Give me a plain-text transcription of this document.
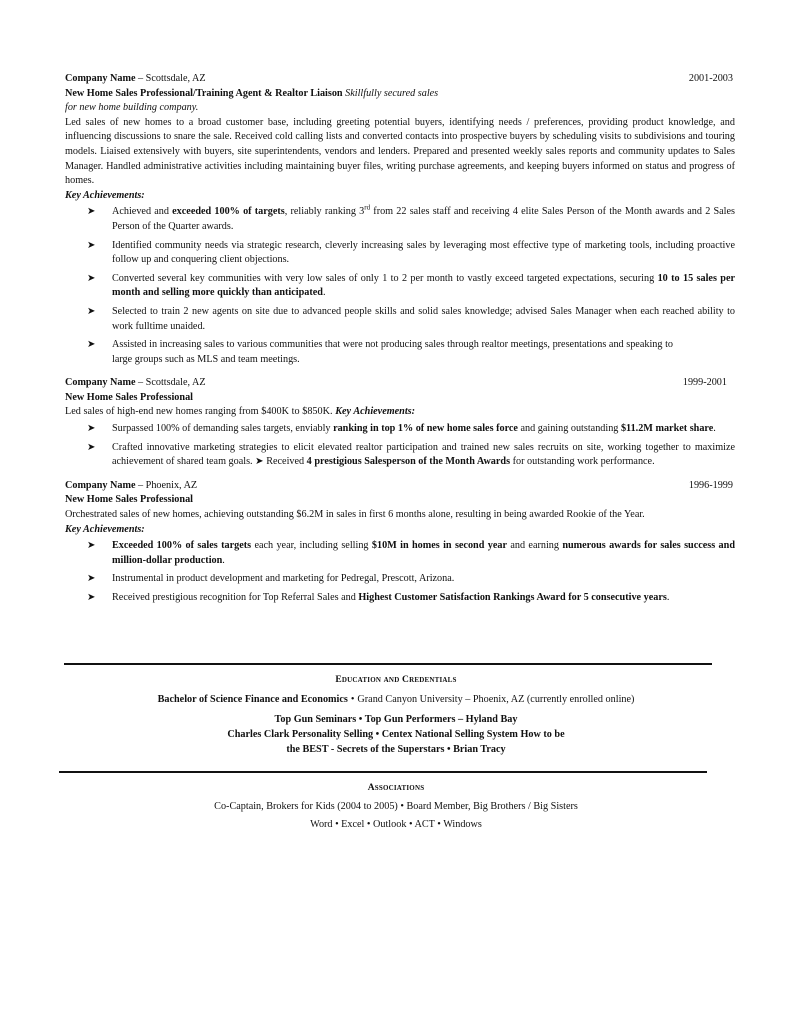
Company Name – Scottsdale, AZ	2001-2003
New Home Sales Professional/Training Agent & Realtor Liaison Skillfully secured sales for new home building company.
Led sales of new homes to a broad customer base, including greeting potential buyers, identifying needs / preferences, providing product knowledge, and influencing discussions to snare the sale. Received cold calling lists and converted contacts into prospective buyers by scheduling visits to subdivisions and touring models. Liaised extensively with buyers, site superintendents, vendors and lenders. Prepared and presented weekly sales reports and community updates to Sales Manager. Handled administrative activities including maintaining buyer files, writing purchase agreements, and keeping buyers informed on status and progress of homes.
Key Achievements:
➤ Achieved and exceeded 100% of targets, reliably ranking 3rd from 22 sales staff and receiving 4 elite Sales Person of the Month awards and 2 Sales Person of the Quarter awards.
➤ Identified community needs via strategic research, cleverly increasing sales by leveraging most effective type of marketing tools, including proactive follow up and conquering client objections.
➤ Converted several key communities with very low sales of only 1 to 2 per month to vastly exceed targeted expectations, securing 10 to 15 sales per month and selling more quickly than anticipated.
➤ Selected to train 2 new agents on site due to advanced people skills and solid sales knowledge; advised Sales Manager when each reached ability to work fulltime unaided.
➤ Assisted in increasing sales to various communities that were not producing sales through realtor meetings, presentations and speaking to large groups such as MLS and team meetings.
Company Name – Scottsdale, AZ	1999-2001
New Home Sales Professional
Led sales of high-end new homes ranging from $400K to $850K. Key Achievements:
➤ Surpassed 100% of demanding sales targets, enviably ranking in top 1% of new home sales force and gaining outstanding $11.2M market share.
➤ Crafted innovative marketing strategies to elicit elevated realtor participation and trained new sales recruits on site, working together to maximize achievement of shared team goals. ➤ Received 4 prestigious Salesperson of the Month Awards for outstanding work performance.
Company Name – Phoenix, AZ	1996-1999
New Home Sales Professional
Orchestrated sales of new homes, achieving outstanding $6.2M in sales in first 6 months alone, resulting in being awarded Rookie of the Year.
Key Achievements:
➤ Exceeded 100% of sales targets each year, including selling $10M in homes in second year and earning numerous awards for sales success and million-dollar production.
➤ Instrumental in product development and marketing for Pedregal, Prescott, Arizona.
➤ Received prestigious recognition for Top Referral Sales and Highest Customer Satisfaction Rankings Award for 5 consecutive years.
Education and Credentials
Bachelor of Science Finance and Economics • Grand Canyon University – Phoenix, AZ (currently enrolled online)
Top Gun Seminars • Top Gun Performers – Hyland Bay
Charles Clark Personality Selling • Centex National Selling System How to be
the BEST - Secrets of the Superstars • Brian Tracy
Associations
Co-Captain, Brokers for Kids (2004 to 2005) • Board Member, Big Brothers / Big Sisters
Word • Excel • Outlook • ACT • Windows
